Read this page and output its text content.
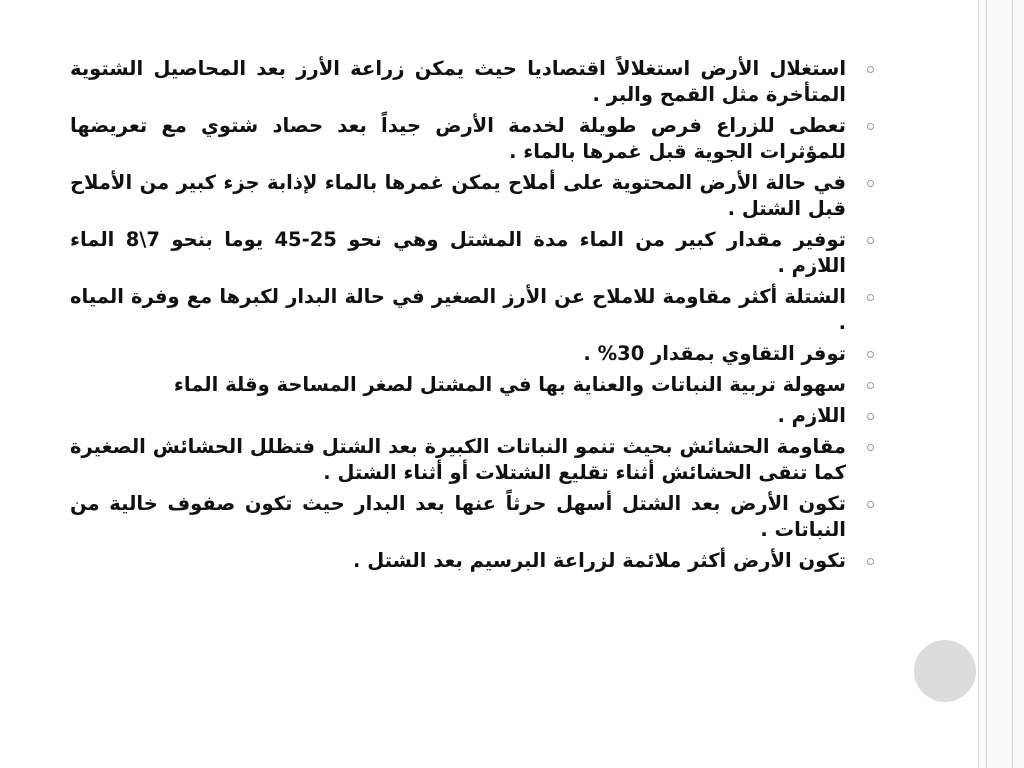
استغلال الأرض استغلالاً اقتصاديا حيث يمكن زراعة الأرز بعد المحاصيل الشتوية المتأخرة مثل القمح والبر .
تعطى للزراع فرص طويلة لخدمة الأرض جيداً بعد حصاد شتوي مع تعريضها للمؤثرات الجوية قبل غمرها بالماء .
في حالة الأرض المحتوية على أملاح يمكن غمرها بالماء لإذابة جزء كبير من الأملاح قبل الشتل .
توفير مقدار كبير من الماء مدة المشتل وهي نحو 25-45 يوما بنحو 7\8 الماء اللازم .
الشتلة أكثر مقاومة للاملاح عن الأرز الصغير في حالة البدار لكبرها مع وفرة المياه .
توفر التقاوي بمقدار 30% .
سهولة تربية النباتات والعناية بها في المشتل لصغر المساحة وقلة الماء
اللازم .
مقاومة الحشائش بحيث تنمو النباتات الكبيرة بعد الشتل فتظلل الحشائش الصغيرة كما تنقى الحشائش أثناء تقليع الشتلات أو أثناء الشتل .
تكون الأرض بعد الشتل أسهل حرثاً عنها بعد البدار حيث تكون صفوف خالية من النباتات .
تكون الأرض أكثر ملائمة لزراعة البرسيم بعد الشتل .
